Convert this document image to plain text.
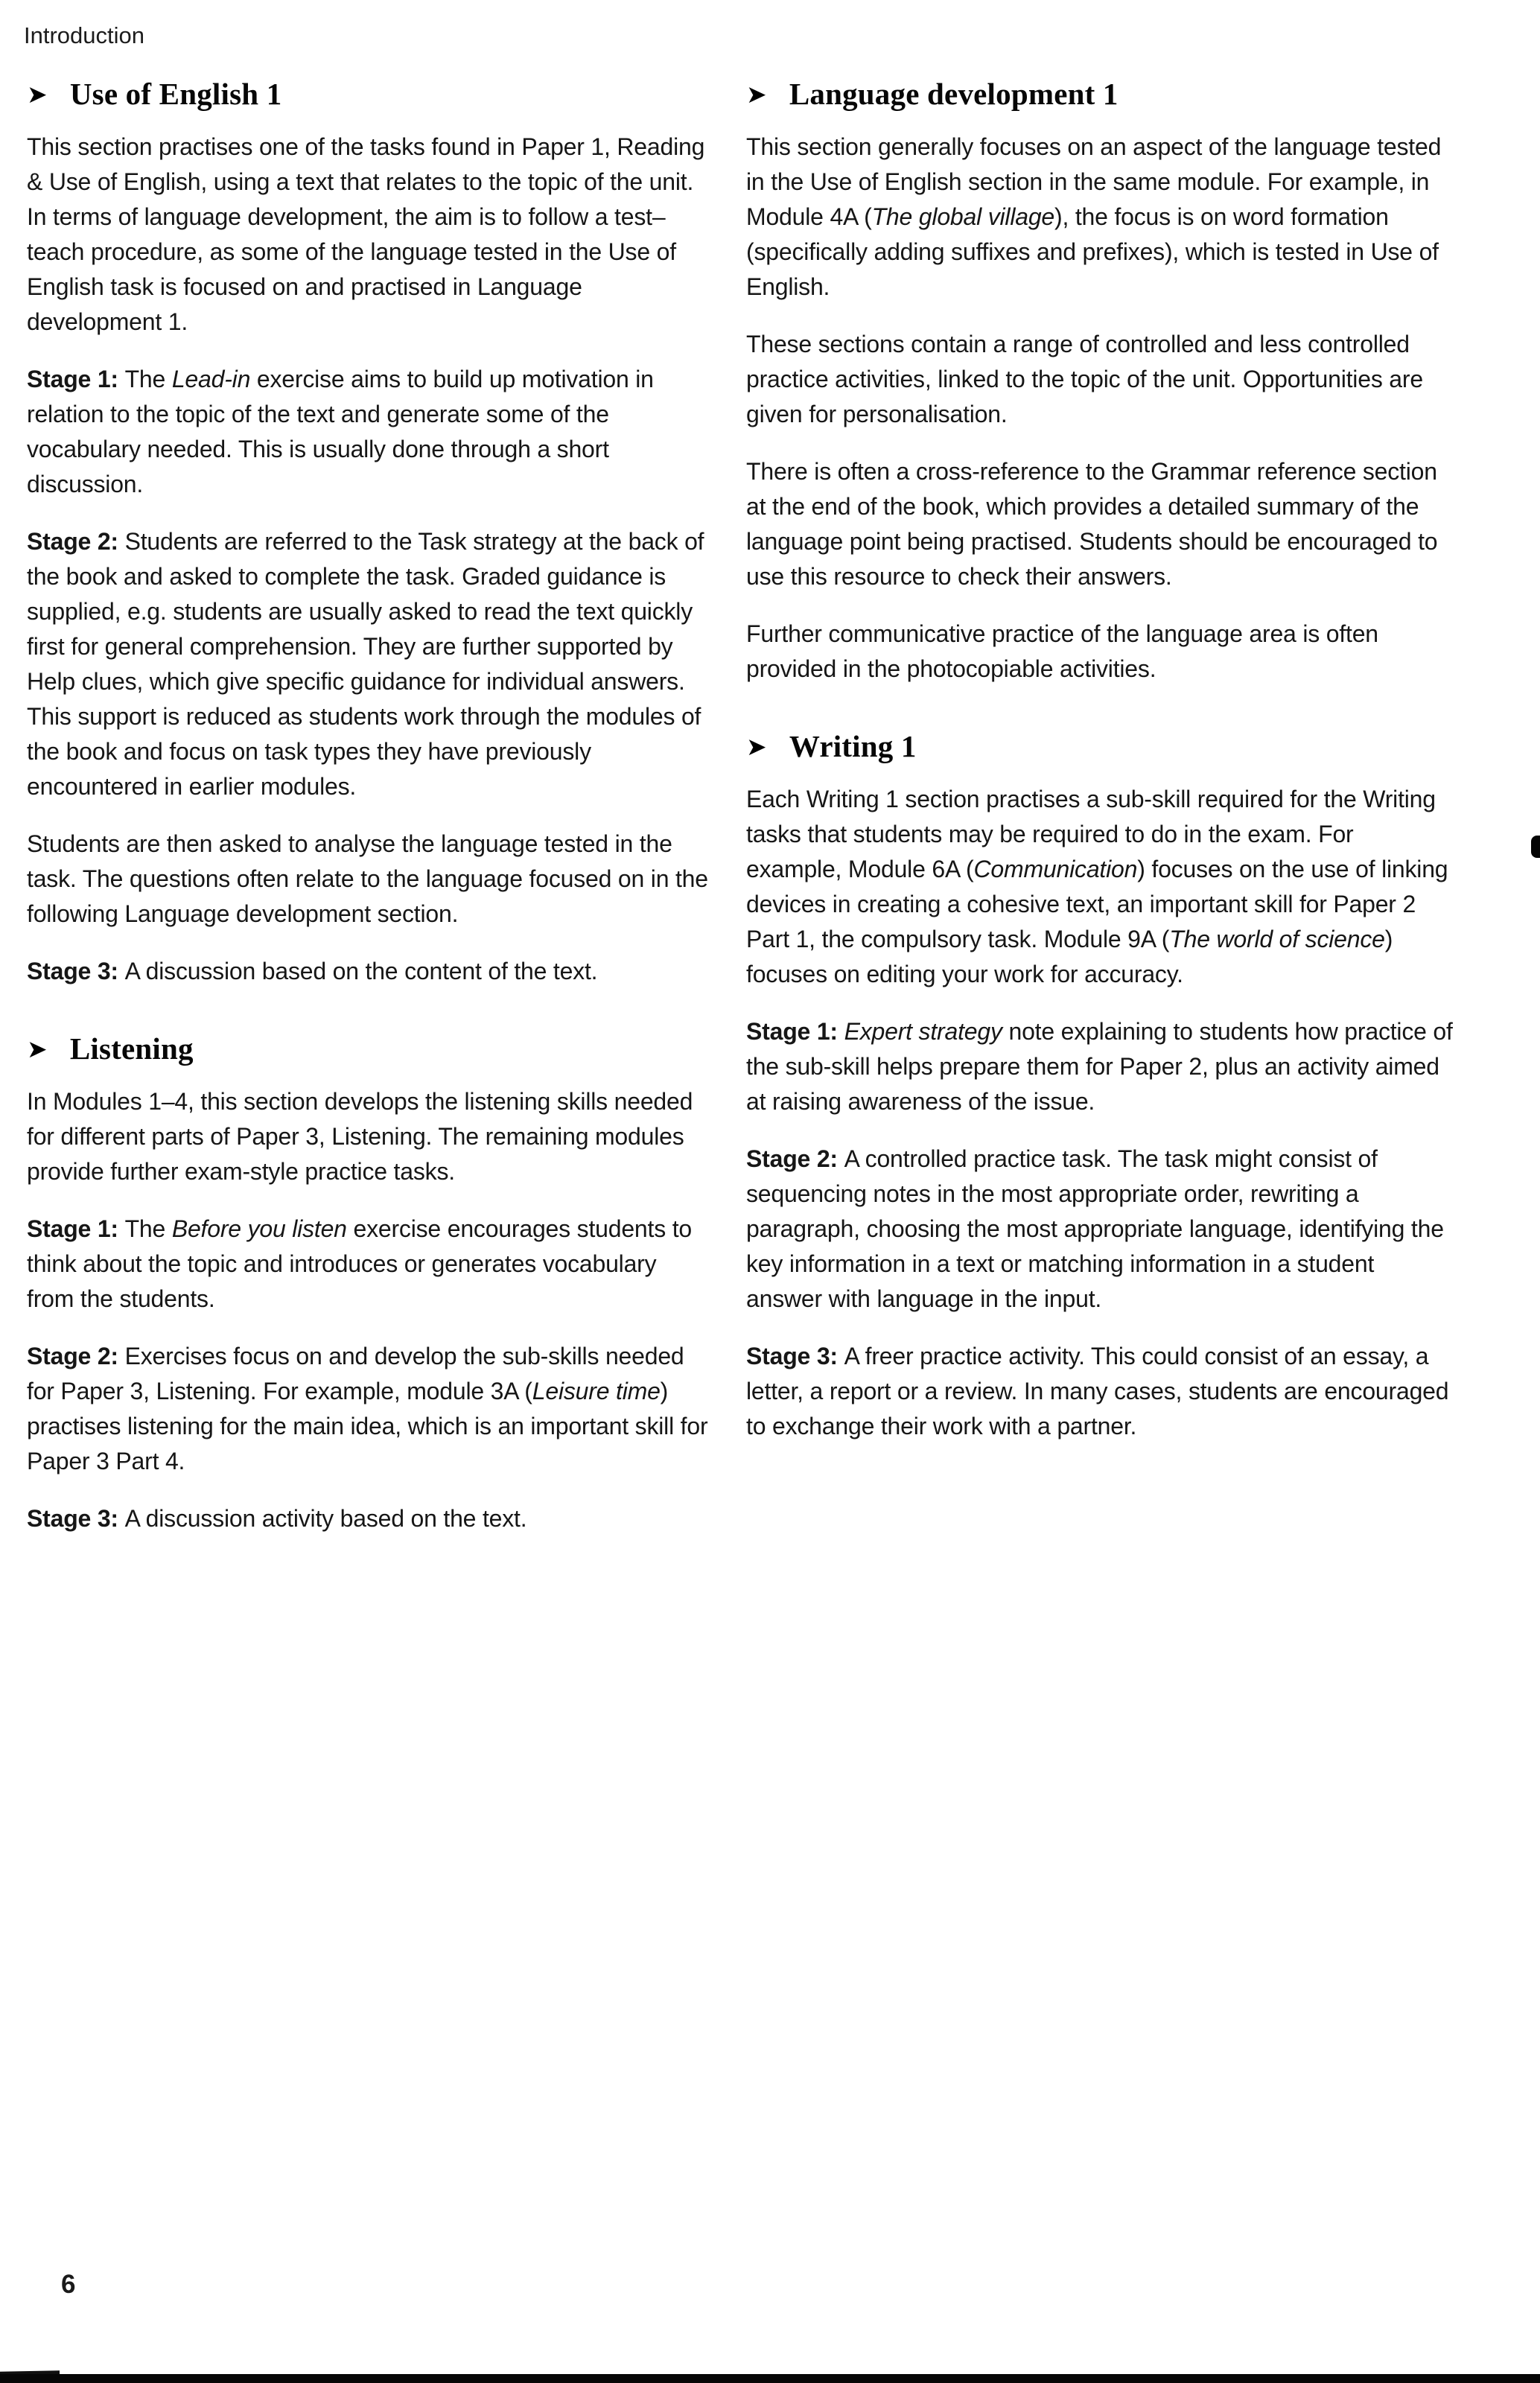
Introduction
➤ Use of English 1

This section practises one of the tasks found in Paper 1, Reading & Use of English, using a text that relates to the topic of the unit. In terms of language development, the aim is to follow a test–teach procedure, as some of the language tested in the Use of English task is focused on and practised in Language development 1.

Stage 1: The Lead-in exercise aims to build up motivation in relation to the topic of the text and generate some of the vocabulary needed. This is usually done through a short discussion.

Stage 2: Students are referred to the Task strategy at the back of the book and asked to complete the task. Graded guidance is supplied, e.g. students are usually asked to read the text quickly first for general comprehension. They are further supported by Help clues, which give specific guidance for individual answers. This support is reduced as students work through the modules of the book and focus on task types they have previously encountered in earlier modules.

Students are then asked to analyse the language tested in the task. The questions often relate to the language focused on in the following Language development section.

Stage 3: A discussion based on the content of the text.

➤ Listening

In Modules 1–4, this section develops the listening skills needed for different parts of Paper 3, Listening. The remaining modules provide further exam-style practice tasks.

Stage 1: The Before you listen exercise encourages students to think about the topic and introduces or generates vocabulary from the students.

Stage 2: Exercises focus on and develop the sub-skills needed for Paper 3, Listening. For example, module 3A (Leisure time) practises listening for the main idea, which is an important skill for Paper 3 Part 4.

Stage 3: A discussion activity based on the text.

➤ Language development 1

This section generally focuses on an aspect of the language tested in the Use of English section in the same module. For example, in Module 4A (The global village), the focus is on word formation (specifically adding suffixes and prefixes), which is tested in Use of English.

These sections contain a range of controlled and less controlled practice activities, linked to the topic of the unit. Opportunities are given for personalisation.

There is often a cross-reference to the Grammar reference section at the end of the book, which provides a detailed summary of the language point being practised. Students should be encouraged to use this resource to check their answers.

Further communicative practice of the language area is often provided in the photocopiable activities.

➤ Writing 1

Each Writing 1 section practises a sub-skill required for the Writing tasks that students may be required to do in the exam. For example, Module 6A (Communication) focuses on the use of linking devices in creating a cohesive text, an important skill for Paper 2 Part 1, the compulsory task. Module 9A (The world of science) focuses on editing your work for accuracy.

Stage 1: Expert strategy note explaining to students how practice of the sub-skill helps prepare them for Paper 2, plus an activity aimed at raising awareness of the issue.

Stage 2: A controlled practice task. The task might consist of sequencing notes in the most appropriate order, rewriting a paragraph, choosing the most appropriate language, identifying the key information in a text or matching information in a student answer with language in the input.

Stage 3: A freer practice activity. This could consist of an essay, a letter, a report or a review. In many cases, students are encouraged to exchange their work with a partner.

6
